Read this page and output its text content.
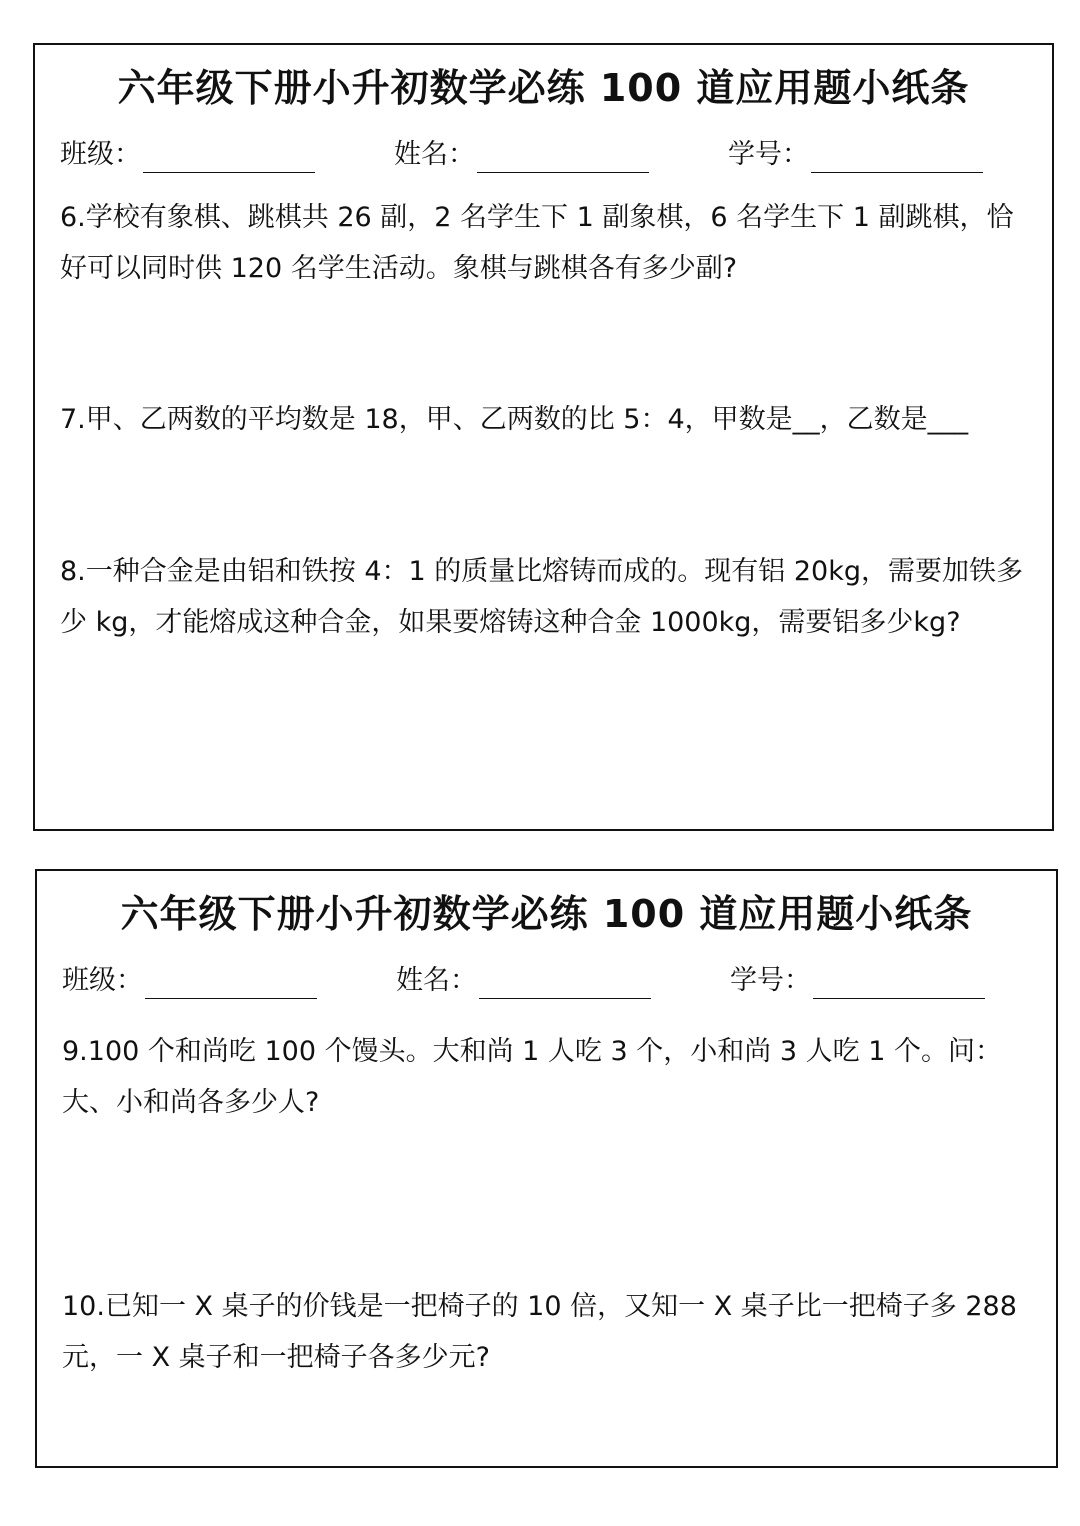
六年级下册小升初数学必练 100 道应用题小纸条
班级：	姓名：	学号：

6.学校有象棋、跳棋共 26 副，2 名学生下 1 副象棋，6 名学生下 1 副跳棋，恰好可以同时供 120 名学生活动。象棋与跳棋各有多少副?

7.甲、乙两数的平均数是 18，甲、乙两数的比 5：4，甲数是__，乙数是___

8.一种合金是由铝和铁按 4：1 的质量比熔铸而成的。现有铝 20kg，需要加铁多少 kg，才能熔成这种合金，如果要熔铸这种合金 1000kg，需要铝多少kg?

六年级下册小升初数学必练 100 道应用题小纸条
班级：	姓名：	学号：

9.100 个和尚吃 100 个馒头。大和尚 1 人吃 3 个，小和尚 3 人吃 1 个。问：大、小和尚各多少人?

10.已知一 X 桌子的价钱是一把椅子的 10 倍，又知一 X 桌子比一把椅子多 288 元，一 X 桌子和一把椅子各多少元?
